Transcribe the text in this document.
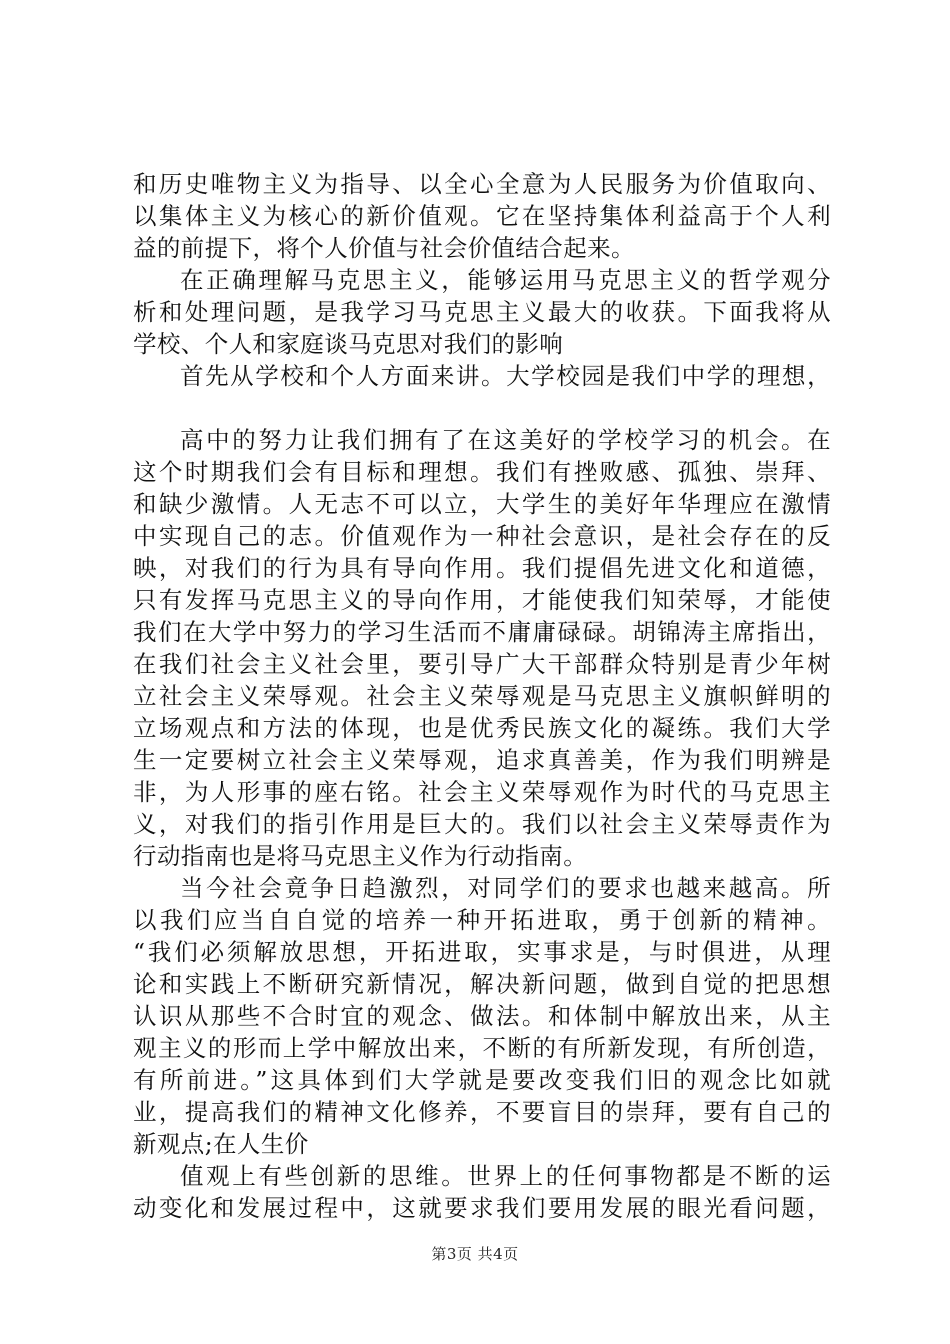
和历史唯物主义为指导、以全心全意为人民服务为价值取向、
以集体主义为核心的新价值观。它在坚持集体利益高于个人利
益的前提下，将个人价值与社会价值结合起来。
在正确理解马克思主义，能够运用马克思主义的哲学观分
析和处理问题，是我学习马克思主义最大的收获。下面我将从
学校、个人和家庭谈马克思对我们的影响
首先从学校和个人方面来讲。大学校园是我们中学的理想，
高中的努力让我们拥有了在这美好的学校学习的机会。在
这个时期我们会有目标和理想。我们有挫败感、孤独、崇拜、
和缺少激情。人无志不可以立，大学生的美好年华理应在激情
中实现自己的志。价值观作为一种社会意识，是社会存在的反
映，对我们的行为具有导向作用。我们提倡先进文化和道德，
只有发挥马克思主义的导向作用，才能使我们知荣辱，才能使
我们在大学中努力的学习生活而不庸庸碌碌。胡锦涛主席指出，
在我们社会主义社会里，要引导广大干部群众特别是青少年树
立社会主义荣辱观。社会主义荣辱观是马克思主义旗帜鲜明的
立场观点和方法的体现，也是优秀民族文化的凝练。我们大学
生一定要树立社会主义荣辱观，追求真善美，作为我们明辨是
非，为人形事的座右铭。社会主义荣辱观作为时代的马克思主
义，对我们的指引作用是巨大的。我们以社会主义荣辱责作为
行动指南也是将马克思主义作为行动指南。
当今社会竟争日趋激烈，对同学们的要求也越来越高。所
以我们应当自自觉的培养一种开拓进取，勇于创新的精神。
“我们必须解放思想，开拓进取，实事求是，与时俱进，从理
论和实践上不断研究新情况，解决新问题，做到自觉的把思想
认识从那些不合时宜的观念、做法。和体制中解放出来，从主
观主义的形而上学中解放出来，不断的有所新发现，有所创造，
有所前进。”这具体到们大学就是要改变我们旧的观念比如就
业，提高我们的精神文化修养，不要盲目的崇拜，要有自己的
新观点;在人生价
值观上有些创新的思维。世界上的任何事物都是不断的运
动变化和发展过程中，这就要求我们要用发展的眼光看问题，
第3页 共4页
